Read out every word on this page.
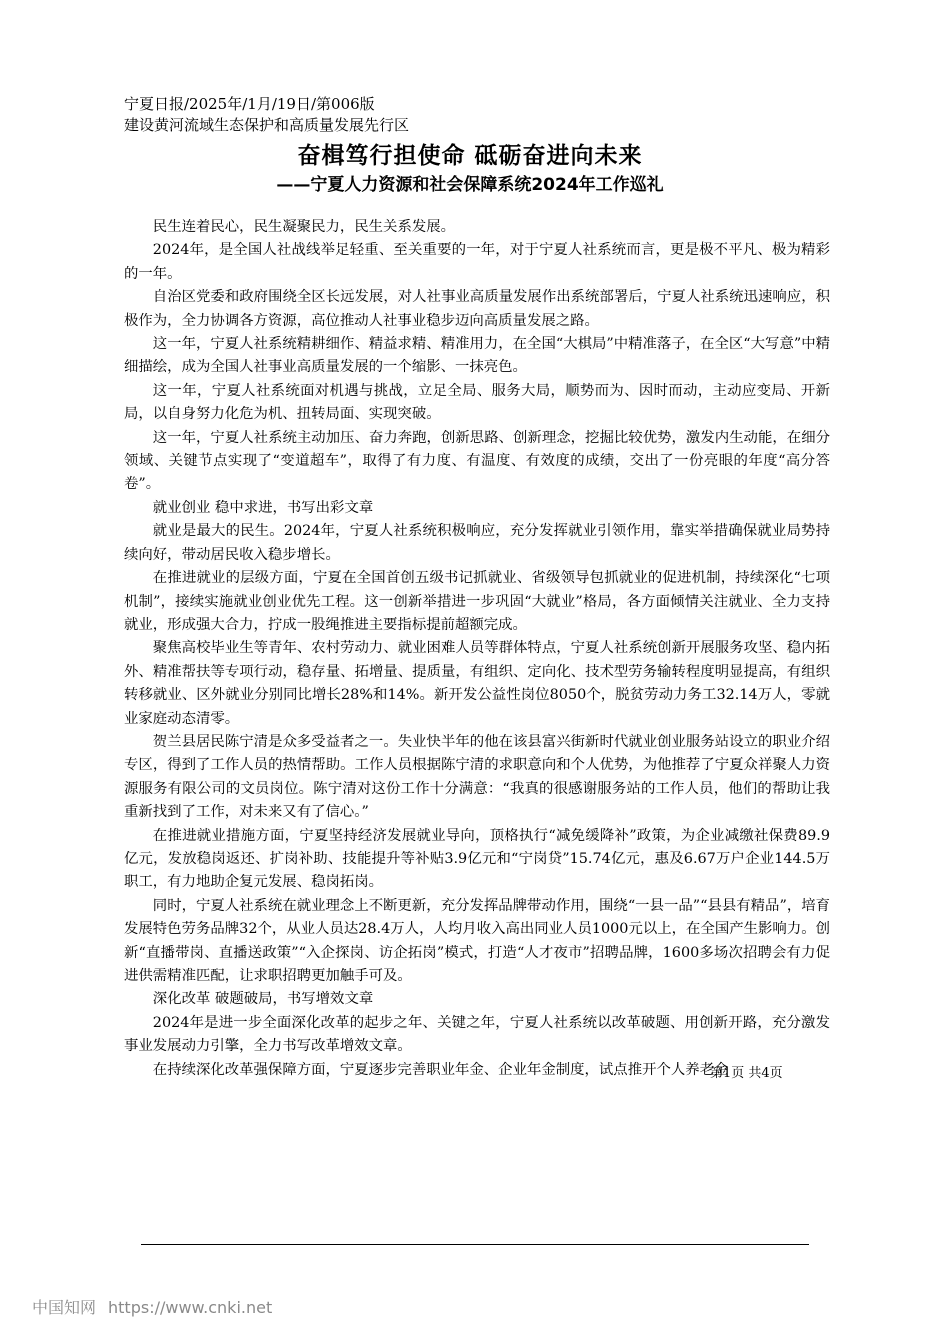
宁夏日报/2025年/1月/19日/第006版
建设黄河流域生态保护和高质量发展先行区
奋楫笃行担使命 砥砺奋进向未来
——宁夏人力资源和社会保障系统2024年工作巡礼

民生连着民心，民生凝聚民力，民生关系发展。

2024年，是全国人社战线举足轻重、至关重要的一年，对于宁夏人社系统而言，更是极不平凡、极为精彩的一年。

自治区党委和政府围绕全区长远发展，对人社事业高质量发展作出系统部署后，宁夏人社系统迅速响应，积极作为，全力协调各方资源，高位推动人社事业稳步迈向高质量发展之路。

这一年，宁夏人社系统精耕细作、精益求精、精准用力，在全国“大棋局”中精准落子，在全区“大写意”中精细描绘，成为全国人社事业高质量发展的一个缩影、一抹亮色。

这一年，宁夏人社系统面对机遇与挑战，立足全局、服务大局，顺势而为、因时而动，主动应变局、开新局，以自身努力化危为机、扭转局面、实现突破。

这一年，宁夏人社系统主动加压、奋力奔跑，创新思路、创新理念，挖掘比较优势，激发内生动能，在细分领域、关键节点实现了“变道超车”，取得了有力度、有温度、有效度的成绩，交出了一份亮眼的年度“高分答卷”。

就业创业 稳中求进，书写出彩文章

就业是最大的民生。2024年，宁夏人社系统积极响应，充分发挥就业引领作用，靠实举措确保就业局势持续向好，带动居民收入稳步增长。

在推进就业的层级方面，宁夏在全国首创五级书记抓就业、省级领导包抓就业的促进机制，持续深化“七项机制”，接续实施就业创业优先工程。这一创新举措进一步巩固“大就业”格局，各方面倾情关注就业、全力支持就业，形成强大合力，拧成一股绳推进主要指标提前超额完成。

聚焦高校毕业生等青年、农村劳动力、就业困难人员等群体特点，宁夏人社系统创新开展服务攻坚、稳内拓外、精准帮扶等专项行动，稳存量、拓增量、提质量，有组织、定向化、技术型劳务输转程度明显提高，有组织转移就业、区外就业分别同比增长28%和14%。新开发公益性岗位8050个，脱贫劳动力务工32.14万人，零就业家庭动态清零。

贺兰县居民陈宁清是众多受益者之一。失业快半年的他在该县富兴街新时代就业创业服务站设立的职业介绍专区，得到了工作人员的热情帮助。工作人员根据陈宁清的求职意向和个人优势，为他推荐了宁夏众祥聚人力资源服务有限公司的文员岗位。陈宁清对这份工作十分满意：“我真的很感谢服务站的工作人员，他们的帮助让我重新找到了工作，对未来又有了信心。”

在推进就业措施方面，宁夏坚持经济发展就业导向，顶格执行“减免缓降补”政策，为企业减缴社保费89.9亿元，发放稳岗返还、扩岗补助、技能提升等补贴3.9亿元和“宁岗贷”15.74亿元，惠及6.67万户企业144.5万职工，有力地助企复元发展、稳岗拓岗。

同时，宁夏人社系统在就业理念上不断更新，充分发挥品牌带动作用，围绕“一县一品”“县县有精品”，培育发展特色劳务品牌32个，从业人员达28.4万人，人均月收入高出同业人员1000元以上，在全国产生影响力。创新“直播带岗、直播送政策”“入企探岗、访企拓岗”模式，打造“人才夜市”招聘品牌，1600多场次招聘会有力促进供需精准匹配，让求职招聘更加触手可及。

深化改革 破题破局，书写增效文章

2024年是进一步全面深化改革的起步之年、关键之年，宁夏人社系统以改革破题、用创新开路，充分激发事业发展动力引擎，全力书写改革增效文章。

在持续深化改革强保障方面，宁夏逐步完善职业年金、企业年金制度，试点推开个人养老金

第1页 共4页
中国知网 https://www.cnki.net
